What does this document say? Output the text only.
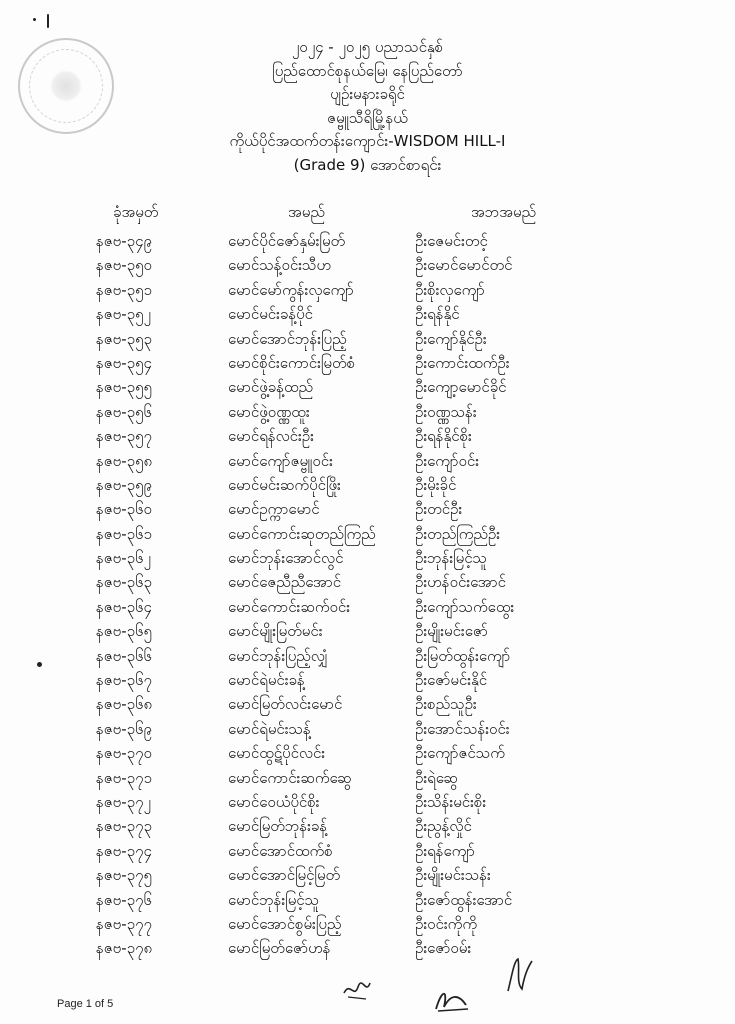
၂၀၂၄ - ၂၀၂၅ ပညာသင်နှစ်
ပြည်ထောင်စုနယ်မြေ၊ နေပြည်တော်
ပျဉ်းမနားခရိုင်
ဇမ္ဗူသီရိမြို့နယ်
ကိုယ်ပိုင်အထက်တန်းကျောင်း-WISDOM HILL-I
(Grade 9) အောင်စာရင်း
ခုံအမှတ်	အမည်	အဘအမည်
နဇဗ-၃၄၉	မောင်ပိုင်ဇော်နှမ်းမြတ်	ဦးဇေမင်းတင့်
နဇဗ-၃၅၀	မောင်သန့်ဝင်းသီဟ	ဦးမောင်မောင်တင်
နဇဗ-၃၅၁	မောင်မော်ကွန်းလှကျော်	ဦးစိုးလှကျော်
နဇဗ-၃၅၂	မောင်မင်းခန့်ပိုင်	ဦးရန်နိုင်
နဇဗ-၃၅၃	မောင်အောင်ဘုန်းပြည့်	ဦးကျော်နိုင်ဦး
နဇဗ-၃၅၄	မောင်စိုင်းကောင်းမြတ်စံ	ဦးကောင်းထက်ဦး
နဇဗ-၃၅၅	မောင်ဖွဲ့ခန့်ထည်	ဦးကျော့မောင်ခိုင်
နဇဗ-၃၅၆	မောင်ဖွဲ့ဝဏ္ဏထူး	ဦးဝဏ္ဏသန်း
နဇဗ-၃၅၇	မောင်ရန်လင်းဦး	ဦးရန်နိုင်စိုး
နဇဗ-၃၅၈	မောင်ကျော်ဇမ္ဗူဝင်း	ဦးကျော်ဝင်း
နဇဗ-၃၅၉	မောင်မင်းဆက်ပိုင်ဖြိုး	ဦးမိုးခိုင်
နဇဗ-၃၆၀	မောင်ဥက္ကာမောင်	ဦးတင်ဦး
နဇဗ-၃၆၁	မောင်ကောင်းဆုတည်ကြည်	ဦးတည်ကြည်ဦး
နဇဗ-၃၆၂	မောင်ဘုန်းအောင်လွင်	ဦးဘုန်းမြင့်သူ
နဇဗ-၃၆၃	မောင်ဇေညီညီအောင်	ဦးဟန်ဝင်းအောင်
နဇဗ-၃၆၄	မောင်ကောင်းဆက်ဝင်း	ဦးကျော်သက်ထွေး
နဇဗ-၃၆၅	မောင်မျိုးမြတ်မင်း	ဦးမျိုးမင်းဇော်
နဇဗ-၃၆၆	မောင်ဘုန်းပြည့်လျှံ	ဦးမြတ်ထွန်းကျော်
နဇဗ-၃၆၇	မောင်ရဲမင်းခန့်	ဦးဇော်မင်းနိုင်
နဇဗ-၃၆၈	မောင်မြတ်လင်းမောင်	ဦးစည်သူဦး
နဇဗ-၃၆၉	မောင်ရဲမင်းသန့်	ဦးအောင်သန်းဝင်း
နဇဗ-၃၇၀	မောင်ထွဋ်ပိုင်လင်း	ဦးကျော်ဇင်သက်
နဇဗ-၃၇၁	မောင်ကောင်းဆက်ဆွေ	ဦးရဲဆွေ
နဇဗ-၃၇၂	မောင်ဝေယံပိုင်စိုး	ဦးသိန်းမင်းစိုး
နဇဗ-၃၇၃	မောင်မြတ်ဘုန်းခန့်	ဦးညွန့်လှိုင်
နဇဗ-၃၇၄	မောင်အောင်ထက်စံ	ဦးရန်ကျော်
နဇဗ-၃၇၅	မောင်အောင်မြင့်မြတ်	ဦးမျိုးမင်းသန်း
နဇဗ-၃၇၆	မောင်ဘုန်းမြင့်သူ	ဦးဇော်ထွန်းအောင်
နဇဗ-၃၇၇	မောင်အောင်စွမ်းပြည့်	ဦးဝင်းကိုကို
နဇဗ-၃၇၈	မောင်မြတ်ဇော်ဟန်	ဦးဇော်ဝမ်း
Page 1 of 5
